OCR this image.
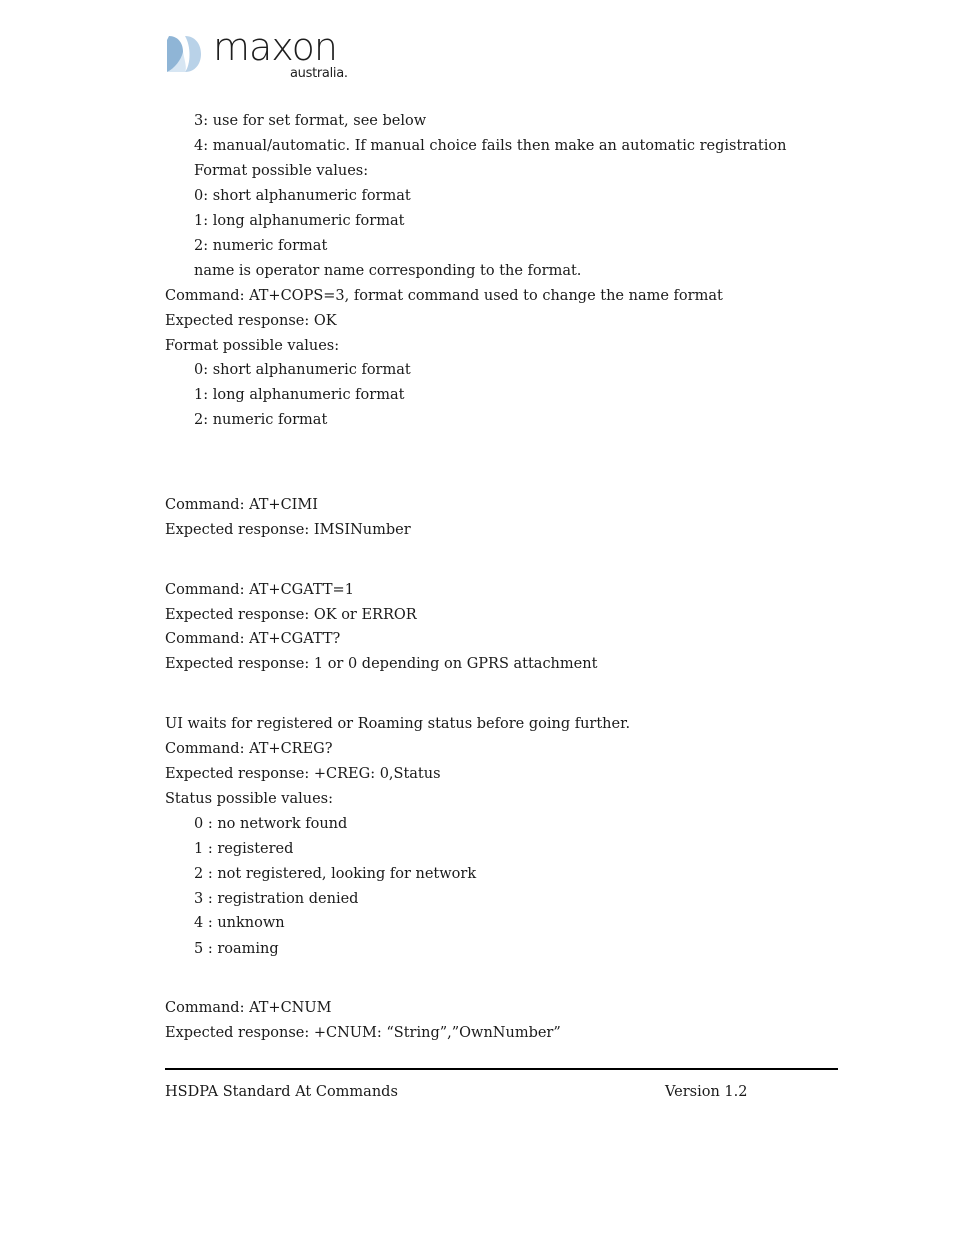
maxon
australia.
3: use for set format, see below
4: manual/automatic. If manual choice fails then make an automatic registration
Format possible values:
0: short alphanumeric format
1: long alphanumeric format
2: numeric format
name is operator name corresponding to the format.
Command: AT+COPS=3, format command used to change the name format
Expected response: OK
Format possible values:
0: short alphanumeric format
1: long alphanumeric format
2: numeric format
Command: AT+CIMI
Expected response: IMSINumber
Command: AT+CGATT=1
Expected response: OK or ERROR
Command: AT+CGATT?
Expected response: 1 or 0 depending on GPRS attachment
UI waits for registered or Roaming status before going further.
Command: AT+CREG?
Expected response: +CREG: 0,Status
Status possible values:
0 : no network found
1 : registered
2 : not registered, looking for network
3 : registration denied
4 : unknown
5 : roaming
Command: AT+CNUM
Expected response: +CNUM: “String”,”OwnNumber”
HSDPA Standard At Commands	Version 1.2
